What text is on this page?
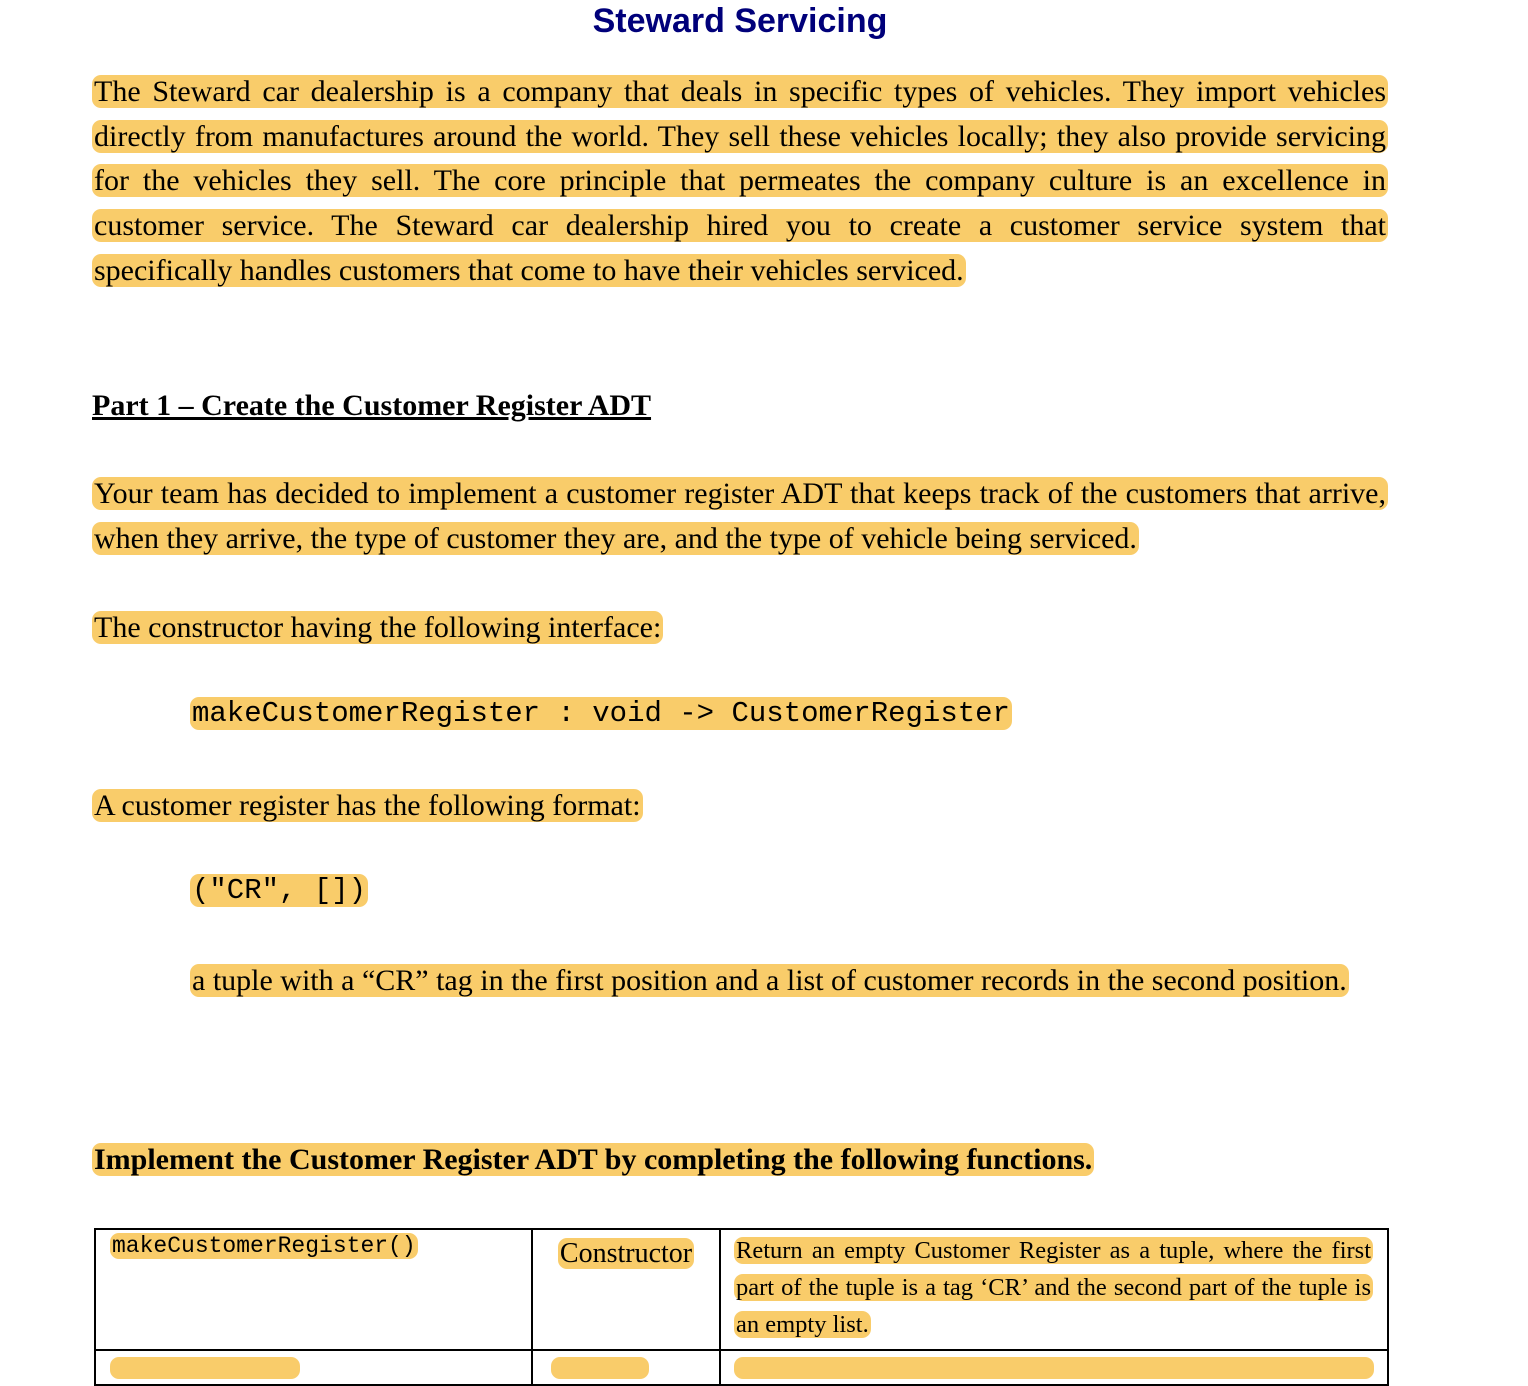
Steward Servicing

The Steward car dealership is a company that deals in specific types of vehicles. They import vehicles directly from manufactures around the world. They sell these vehicles locally; they also provide servicing for the vehicles they sell. The core principle that permeates the company culture is an excellence in customer service. The Steward car dealership hired you to create a customer service system that specifically handles customers that come to have their vehicles serviced.

Part 1 – Create the Customer Register ADT

Your team has decided to implement a customer register ADT that keeps track of the customers that arrive, when they arrive, the type of customer they are, and the type of vehicle being serviced.

The constructor having the following interface:

makeCustomerRegister : void -> CustomerRegister

A customer register has the following format:

("CR", [])

a tuple with a “CR” tag in the first position and a list of customer records in the second position.

Implement the Customer Register ADT by completing the following functions.

makeCustomerRegister()	Constructor	Return an empty Customer Register as a tuple, where the first part of the tuple is a tag ‘CR’ and the second part of the tuple is an empty list.
